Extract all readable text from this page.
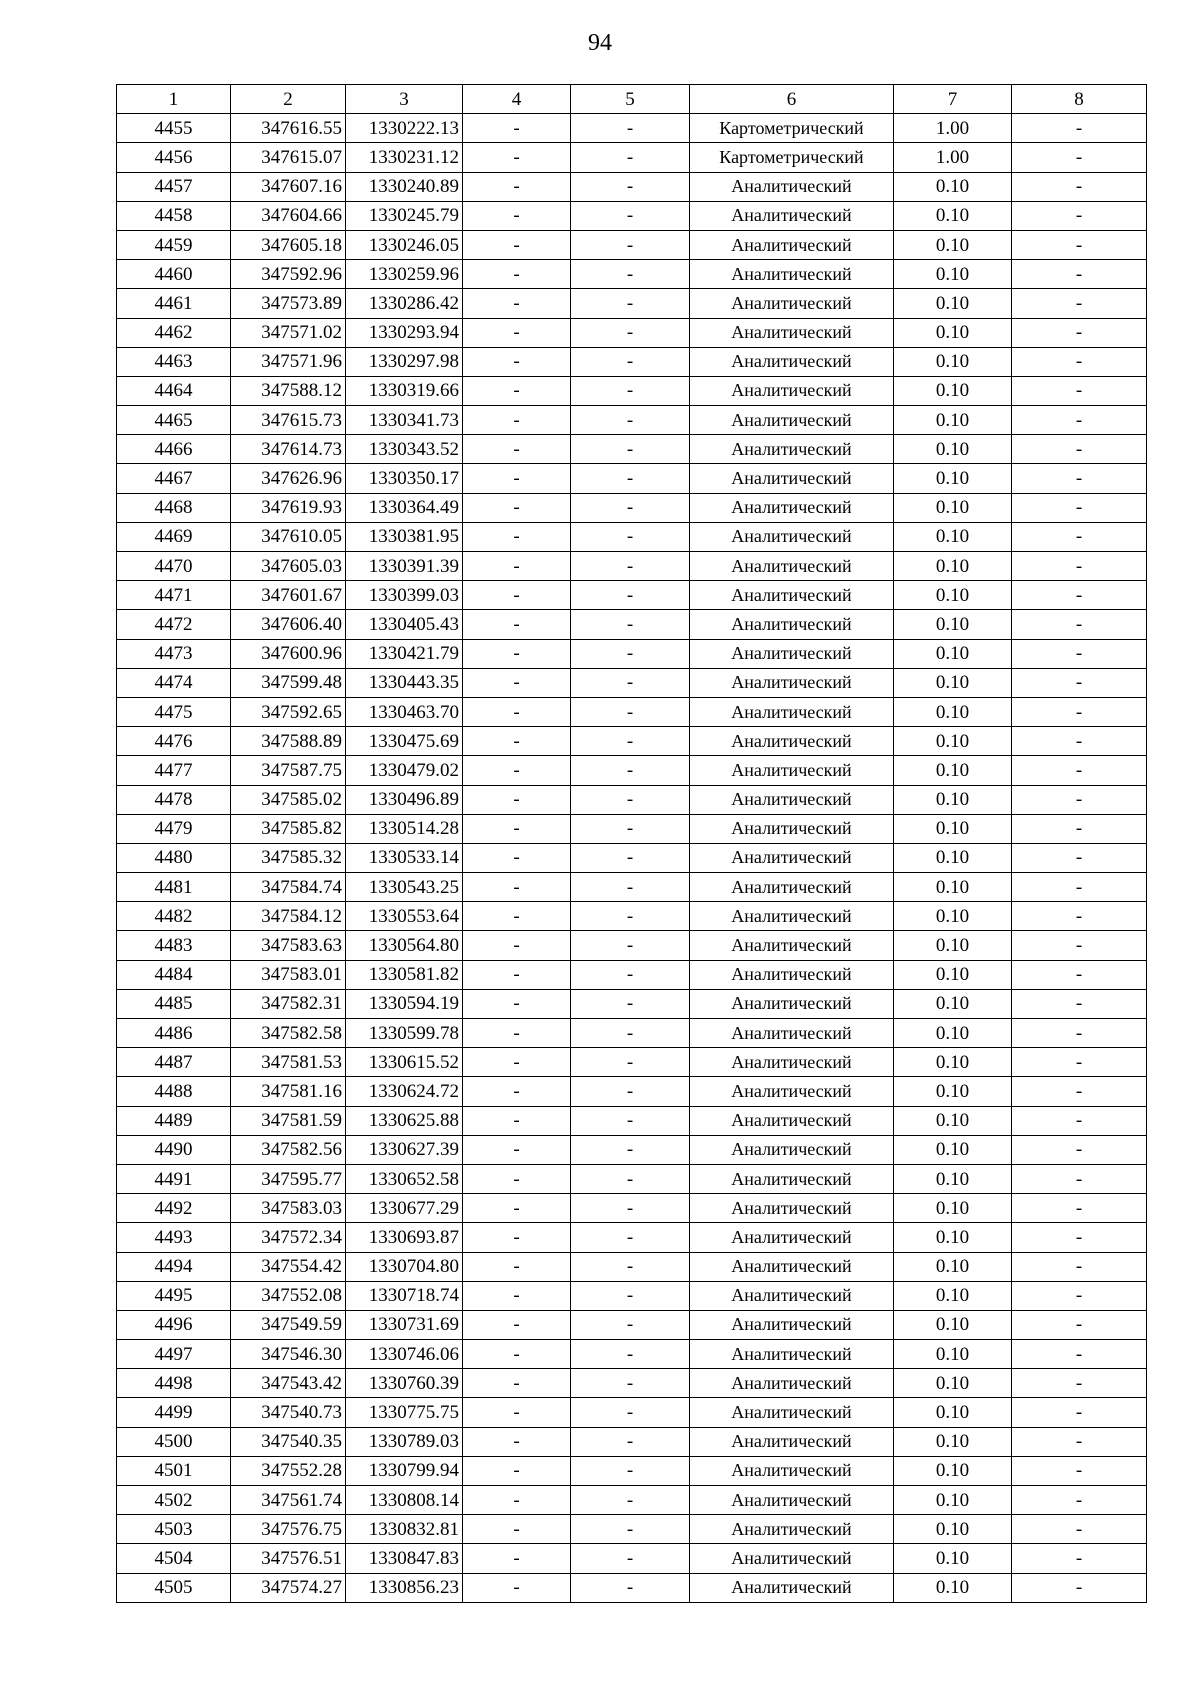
94
1	2	3	4	5	6	7	8
4455	347616.55	1330222.13	-	-	Картометрический	1.00	-
4456	347615.07	1330231.12	-	-	Картометрический	1.00	-
4457	347607.16	1330240.89	-	-	Аналитический	0.10	-
4458	347604.66	1330245.79	-	-	Аналитический	0.10	-
4459	347605.18	1330246.05	-	-	Аналитический	0.10	-
4460	347592.96	1330259.96	-	-	Аналитический	0.10	-
4461	347573.89	1330286.42	-	-	Аналитический	0.10	-
4462	347571.02	1330293.94	-	-	Аналитический	0.10	-
4463	347571.96	1330297.98	-	-	Аналитический	0.10	-
4464	347588.12	1330319.66	-	-	Аналитический	0.10	-
4465	347615.73	1330341.73	-	-	Аналитический	0.10	-
4466	347614.73	1330343.52	-	-	Аналитический	0.10	-
4467	347626.96	1330350.17	-	-	Аналитический	0.10	-
4468	347619.93	1330364.49	-	-	Аналитический	0.10	-
4469	347610.05	1330381.95	-	-	Аналитический	0.10	-
4470	347605.03	1330391.39	-	-	Аналитический	0.10	-
4471	347601.67	1330399.03	-	-	Аналитический	0.10	-
4472	347606.40	1330405.43	-	-	Аналитический	0.10	-
4473	347600.96	1330421.79	-	-	Аналитический	0.10	-
4474	347599.48	1330443.35	-	-	Аналитический	0.10	-
4475	347592.65	1330463.70	-	-	Аналитический	0.10	-
4476	347588.89	1330475.69	-	-	Аналитический	0.10	-
4477	347587.75	1330479.02	-	-	Аналитический	0.10	-
4478	347585.02	1330496.89	-	-	Аналитический	0.10	-
4479	347585.82	1330514.28	-	-	Аналитический	0.10	-
4480	347585.32	1330533.14	-	-	Аналитический	0.10	-
4481	347584.74	1330543.25	-	-	Аналитический	0.10	-
4482	347584.12	1330553.64	-	-	Аналитический	0.10	-
4483	347583.63	1330564.80	-	-	Аналитический	0.10	-
4484	347583.01	1330581.82	-	-	Аналитический	0.10	-
4485	347582.31	1330594.19	-	-	Аналитический	0.10	-
4486	347582.58	1330599.78	-	-	Аналитический	0.10	-
4487	347581.53	1330615.52	-	-	Аналитический	0.10	-
4488	347581.16	1330624.72	-	-	Аналитический	0.10	-
4489	347581.59	1330625.88	-	-	Аналитический	0.10	-
4490	347582.56	1330627.39	-	-	Аналитический	0.10	-
4491	347595.77	1330652.58	-	-	Аналитический	0.10	-
4492	347583.03	1330677.29	-	-	Аналитический	0.10	-
4493	347572.34	1330693.87	-	-	Аналитический	0.10	-
4494	347554.42	1330704.80	-	-	Аналитический	0.10	-
4495	347552.08	1330718.74	-	-	Аналитический	0.10	-
4496	347549.59	1330731.69	-	-	Аналитический	0.10	-
4497	347546.30	1330746.06	-	-	Аналитический	0.10	-
4498	347543.42	1330760.39	-	-	Аналитический	0.10	-
4499	347540.73	1330775.75	-	-	Аналитический	0.10	-
4500	347540.35	1330789.03	-	-	Аналитический	0.10	-
4501	347552.28	1330799.94	-	-	Аналитический	0.10	-
4502	347561.74	1330808.14	-	-	Аналитический	0.10	-
4503	347576.75	1330832.81	-	-	Аналитический	0.10	-
4504	347576.51	1330847.83	-	-	Аналитический	0.10	-
4505	347574.27	1330856.23	-	-	Аналитический	0.10	-
